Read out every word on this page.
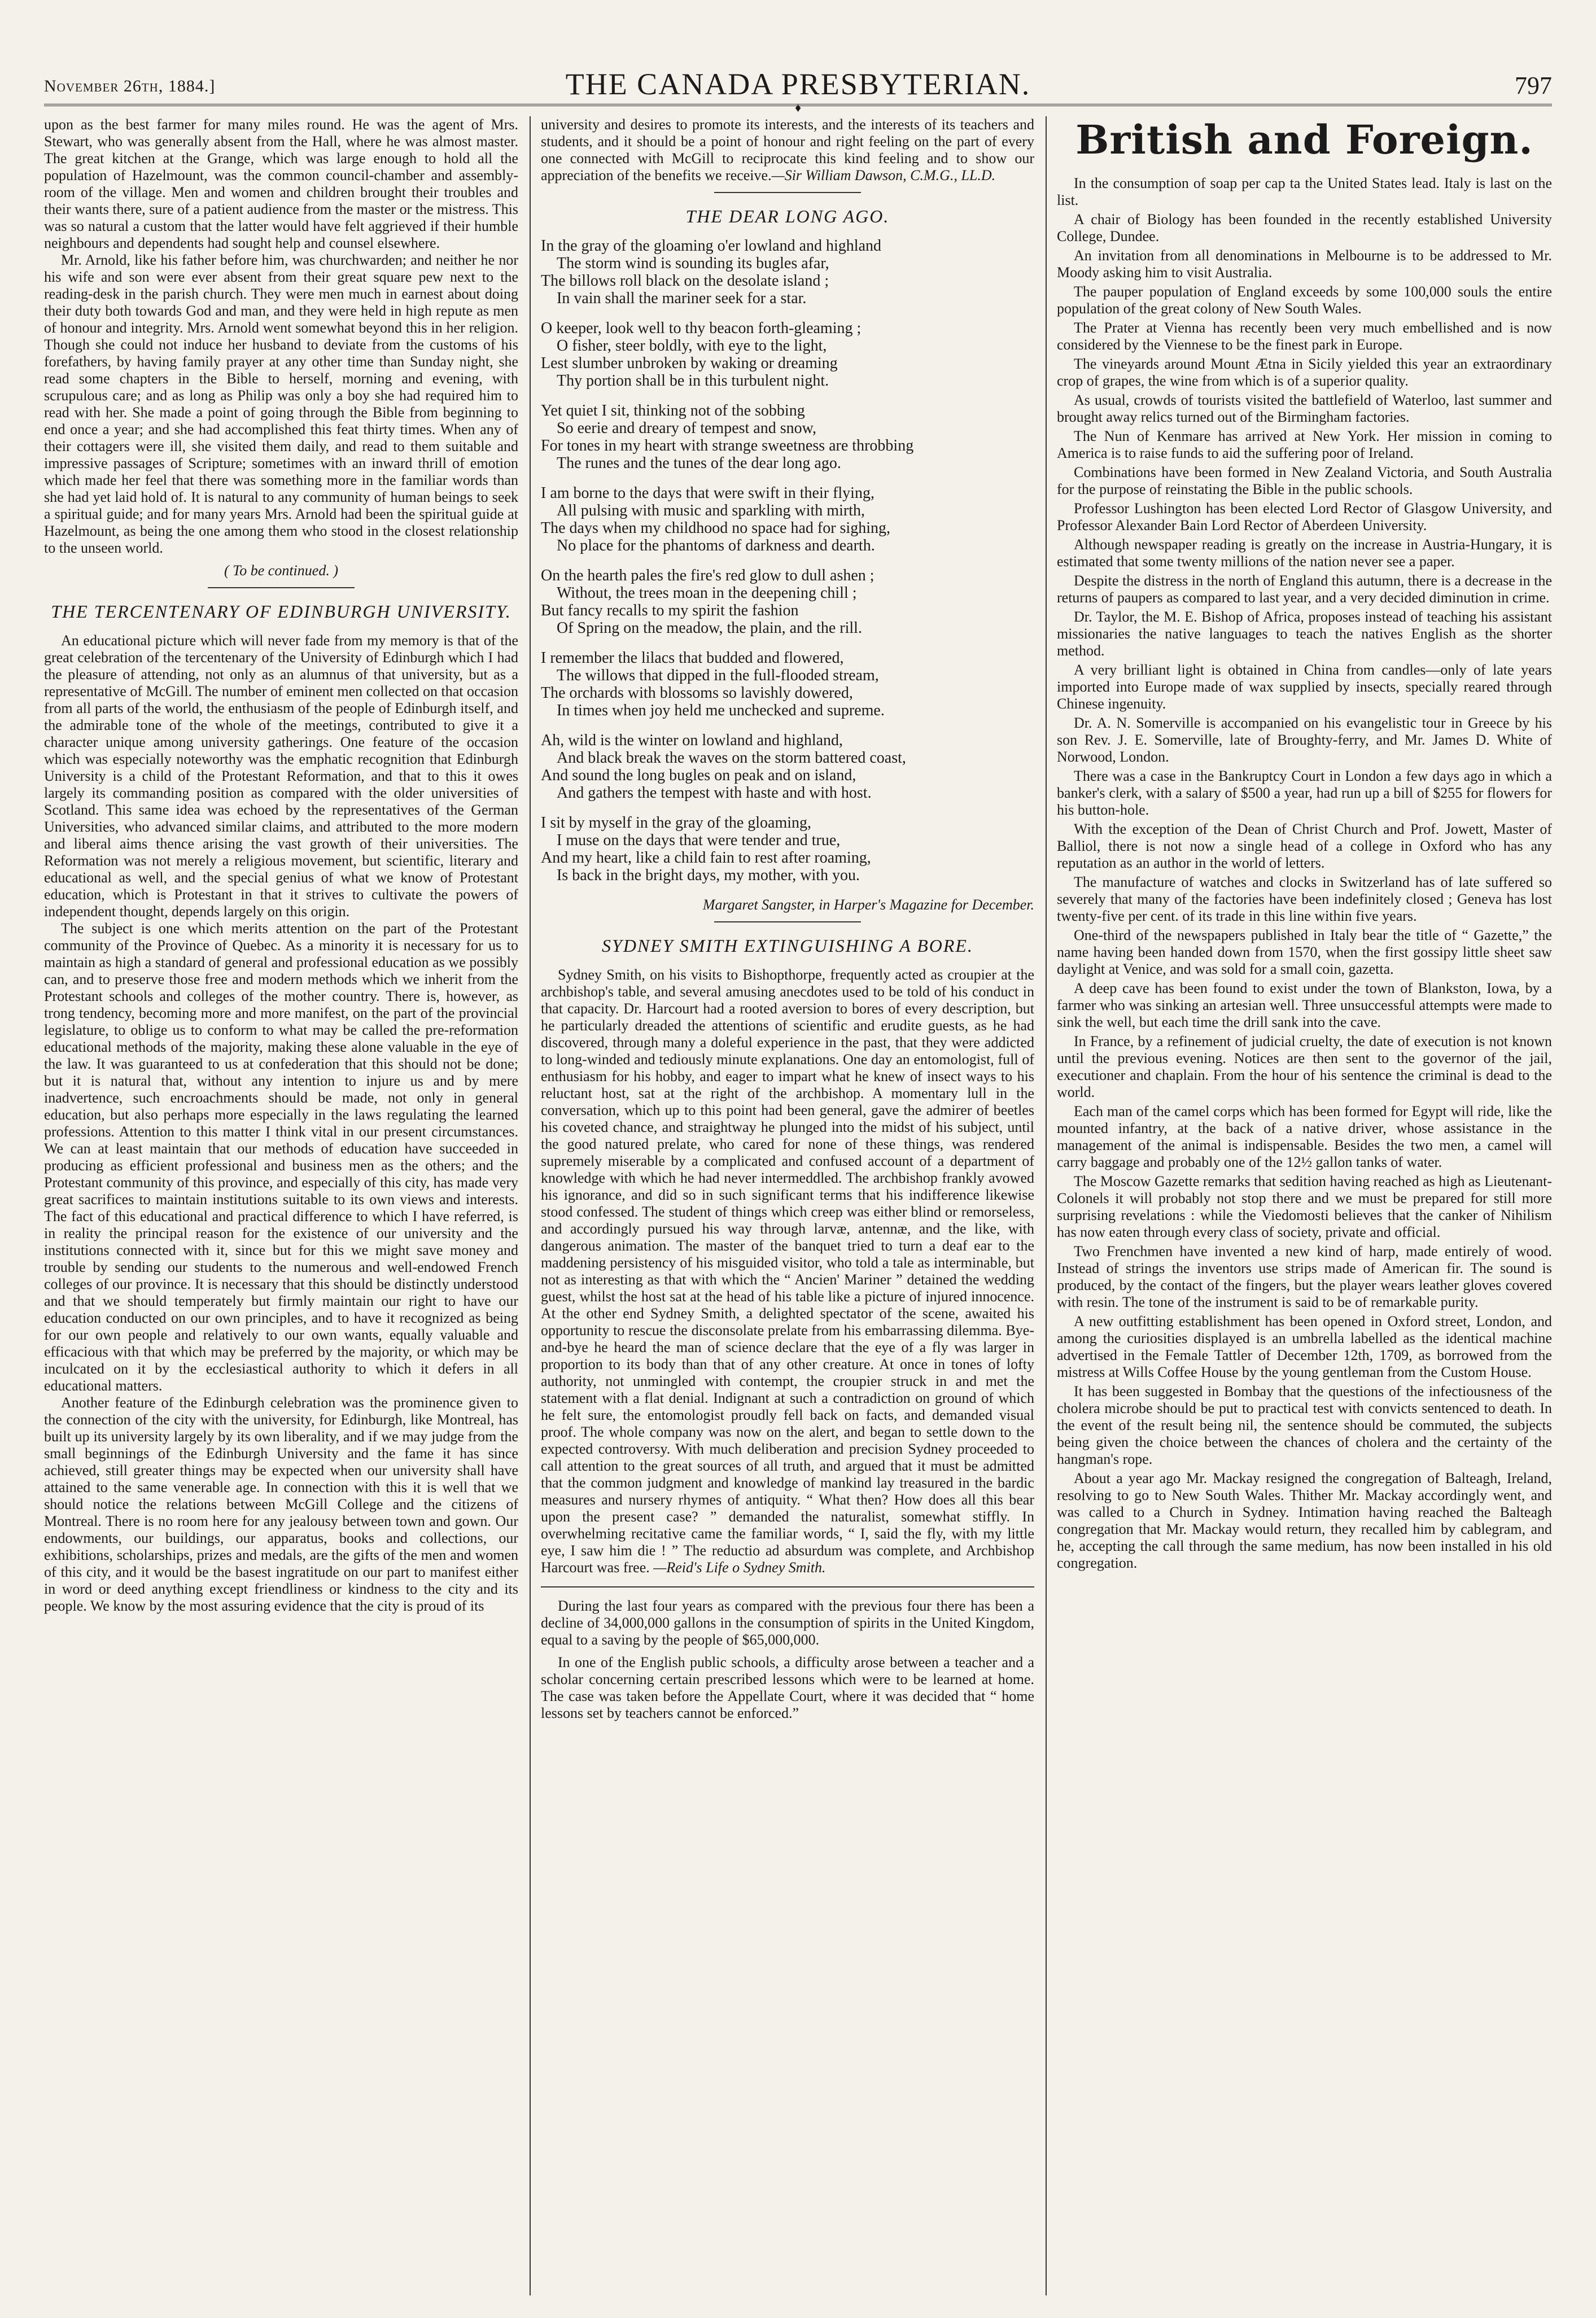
November 26th, 1884.]	THE CANADA PRESBYTERIAN.	797
♦

upon as the best farmer for many miles round. He was the agent of Mrs. Stewart, who was generally absent from the Hall, where he was almost master. The great kitchen at the Grange, which was large enough to hold all the population of Hazelmount, was the common council-chamber and assembly-room of the village. Men and women and children brought their troubles and their wants there, sure of a patient audience from the master or the mistress. This was so natural a custom that the latter would have felt aggrieved if their humble neighbours and dependents had sought help and counsel elsewhere.

Mr. Arnold, like his father before him, was churchwarden; and neither he nor his wife and son were ever absent from their great square pew next to the reading-desk in the parish church. They were men much in earnest about doing their duty both towards God and man, and they were held in high repute as men of honour and integrity. Mrs. Arnold went somewhat beyond this in her religion. Though she could not induce her husband to deviate from the customs of his forefathers, by having family prayer at any other time than Sunday night, she read some chapters in the Bible to herself, morning and evening, with scrupulous care; and as long as Philip was only a boy she had required him to read with her. She made a point of going through the Bible from beginning to end once a year; and she had accomplished this feat thirty times. When any of their cottagers were ill, she visited them daily, and read to them suitable and impressive passages of Scripture; sometimes with an inward thrill of emotion which made her feel that there was something more in the familiar words than she had yet laid hold of. It is natural to any community of human beings to seek a spiritual guide; and for many years Mrs. Arnold had been the spiritual guide at Hazelmount, as being the one among them who stood in the closest relationship to the unseen world.

( To be continued. )

THE TERCENTENARY OF EDINBURGH UNIVERSITY.

An educational picture which will never fade from my memory is that of the great celebration of the tercentenary of the University of Edinburgh which I had the pleasure of attending, not only as an alumnus of that university, but as a representative of McGill. The number of eminent men collected on that occasion from all parts of the world, the enthusiasm of the people of Edinburgh itself, and the admirable tone of the whole of the meetings, contributed to give it a character unique among university gatherings. One feature of the occasion which was especially noteworthy was the emphatic recognition that Edinburgh University is a child of the Protestant Reformation, and that to this it owes largely its commanding position as compared with the older universities of Scotland. This same idea was echoed by the representatives of the German Universities, who advanced similar claims, and attributed to the more modern and liberal aims thence arising the vast growth of their universities. The Reformation was not merely a religious movement, but scientific, literary and educational as well, and the special genius of what we know of Protestant education, which is Protestant in that it strives to cultivate the powers of independent thought, depends largely on this origin.

The subject is one which merits attention on the part of the Protestant community of the Province of Quebec. As a minority it is necessary for us to maintain as high a standard of general and professional education as we possibly can, and to preserve those free and modern methods which we inherit from the Protestant schools and colleges of the mother country. There is, however, as trong tendency, becoming more and more manifest, on the part of the provincial legislature, to oblige us to conform to what may be called the pre-reformation educational methods of the majority, making these alone valuable in the eye of the law. It was guaranteed to us at confederation that this should not be done; but it is natural that, without any intention to injure us and by mere inadvertence, such encroachments should be made, not only in general education, but also perhaps more especially in the laws regulating the learned professions. Attention to this matter I think vital in our present circumstances. We can at least maintain that our methods of education have succeeded in producing as efficient professional and business men as the others; and the Protestant community of this province, and especially of this city, has made very great sacrifices to maintain institutions suitable to its own views and interests. The fact of this educational and practical difference to which I have referred, is in reality the principal reason for the existence of our university and the institutions connected with it, since but for this we might save money and trouble by sending our students to the numerous and well-endowed French colleges of our province. It is necessary that this should be distinctly understood and that we should temperately but firmly maintain our right to have our education conducted on our own principles, and to have it recognized as being for our own people and relatively to our own wants, equally valuable and efficacious with that which may be preferred by the majority, or which may be inculcated on it by the ecclesiastical authority to which it defers in all educational matters.

Another feature of the Edinburgh celebration was the prominence given to the connection of the city with the university, for Edinburgh, like Montreal, has built up its university largely by its own liberality, and if we may judge from the small beginnings of the Edinburgh University and the fame it has since achieved, still greater things may be expected when our university shall have attained to the same venerable age. In connection with this it is well that we should notice the relations between McGill College and the citizens of Montreal. There is no room here for any jealousy between town and gown. Our endowments, our buildings, our apparatus, books and collections, our exhibitions, scholarships, prizes and medals, are the gifts of the men and women of this city, and it would be the basest ingratitude on our part to manifest either in word or deed anything except friendliness or kindness to the city and its people. We know by the most assuring evidence that the city is proud of its

university and desires to promote its interests, and the interests of its teachers and students, and it should be a point of honour and right feeling on the part of every one connected with McGill to reciprocate this kind feeling and to show our appreciation of the benefits we receive.—Sir William Dawson, C.M.G., LL.D.

THE DEAR LONG AGO.

In the gray of the gloaming o'er lowland and highland
The storm wind is sounding its bugles afar,
The billows roll black on the desolate island ;
In vain shall the mariner seek for a star.
O keeper, look well to thy beacon forth-gleaming ;
O fisher, steer boldly, with eye to the light,
Lest slumber unbroken by waking or dreaming
Thy portion shall be in this turbulent night.
Yet quiet I sit, thinking not of the sobbing
So eerie and dreary of tempest and snow,
For tones in my heart with strange sweetness are throbbing
The runes and the tunes of the dear long ago.
I am borne to the days that were swift in their flying,
All pulsing with music and sparkling with mirth,
The days when my childhood no space had for sighing,
No place for the phantoms of darkness and dearth.
On the hearth pales the fire's red glow to dull ashen ;
Without, the trees moan in the deepening chill ;
But fancy recalls to my spirit the fashion
Of Spring on the meadow, the plain, and the rill.
I remember the lilacs that budded and flowered,
The willows that dipped in the full-flooded stream,
The orchards with blossoms so lavishly dowered,
In times when joy held me unchecked and supreme.
Ah, wild is the winter on lowland and highland,
And black break the waves on the storm battered coast,
And sound the long bugles on peak and on island,
And gathers the tempest with haste and with host.
I sit by myself in the gray of the gloaming,
I muse on the days that were tender and true,
And my heart, like a child fain to rest after roaming,
Is back in the bright days, my mother, with you.

Margaret Sangster, in Harper's Magazine for December.

SYDNEY SMITH EXTINGUISHING A BORE.

Sydney Smith, on his visits to Bishopthorpe, frequently acted as croupier at the archbishop's table, and several amusing anecdotes used to be told of his conduct in that capacity. Dr. Harcourt had a rooted aversion to bores of every description, but he particularly dreaded the attentions of scientific and erudite guests, as he had discovered, through many a doleful experience in the past, that they were addicted to long-winded and tediously minute explanations. One day an entomologist, full of enthusiasm for his hobby, and eager to impart what he knew of insect ways to his reluctant host, sat at the right of the archbishop. A momentary lull in the conversation, which up to this point had been general, gave the admirer of beetles his coveted chance, and straightway he plunged into the midst of his subject, until the good natured prelate, who cared for none of these things, was rendered supremely miserable by a complicated and confused account of a department of knowledge with which he had never intermeddled. The archbishop frankly avowed his ignorance, and did so in such significant terms that his indifference likewise stood confessed. The student of things which creep was either blind or remorseless, and accordingly pursued his way through larvæ, antennæ, and the like, with dangerous animation. The master of the banquet tried to turn a deaf ear to the maddening persistency of his misguided visitor, who told a tale as interminable, but not as interesting as that with which the “ Ancien' Mariner ” detained the wedding guest, whilst the host sat at the head of his table like a picture of injured innocence. At the other end Sydney Smith, a delighted spectator of the scene, awaited his opportunity to rescue the disconsolate prelate from his embarrassing dilemma. Bye-and-bye he heard the man of science declare that the eye of a fly was larger in proportion to its body than that of any other creature. At once in tones of lofty authority, not unmingled with contempt, the croupier struck in and met the statement with a flat denial. Indignant at such a contradiction on ground of which he felt sure, the entomologist proudly fell back on facts, and demanded visual proof. The whole company was now on the alert, and began to settle down to the expected controversy. With much deliberation and precision Sydney proceeded to call attention to the great sources of all truth, and argued that it must be admitted that the common judgment and knowledge of mankind lay treasured in the bardic measures and nursery rhymes of antiquity. “ What then? How does all this bear upon the present case? ” demanded the naturalist, somewhat stiffly. In overwhelming recitative came the familiar words, “ I, said the fly, with my little eye, I saw him die ! ” The reductio ad absurdum was complete, and Archbishop Harcourt was free. —Reid's Life o Sydney Smith.

During the last four years as compared with the previous four there has been a decline of 34,000,000 gallons in the consumption of spirits in the United Kingdom, equal to a saving by the people of $65,000,000.

In one of the English public schools, a difficulty arose between a teacher and a scholar concerning certain prescribed lessons which were to be learned at home. The case was taken before the Appellate Court, where it was decided that “ home lessons set by teachers cannot be enforced.”

British and Foreign.

In the consumption of soap per cap ta the United States lead. Italy is last on the list.

A chair of Biology has been founded in the recently established University College, Dundee.

An invitation from all denominations in Melbourne is to be addressed to Mr. Moody asking him to visit Australia.

The pauper population of England exceeds by some 100,000 souls the entire population of the great colony of New South Wales.

The Prater at Vienna has recently been very much embellished and is now considered by the Viennese to be the finest park in Europe.

The vineyards around Mount Ætna in Sicily yielded this year an extraordinary crop of grapes, the wine from which is of a superior quality.

As usual, crowds of tourists visited the battlefield of Waterloo, last summer and brought away relics turned out of the Birmingham factories.

The Nun of Kenmare has arrived at New York. Her mission in coming to America is to raise funds to aid the suffering poor of Ireland.

Combinations have been formed in New Zealand Victoria, and South Australia for the purpose of reinstating the Bible in the public schools.

Professor Lushington has been elected Lord Rector of Glasgow University, and Professor Alexander Bain Lord Rector of Aberdeen University.

Although newspaper reading is greatly on the increase in Austria-Hungary, it is estimated that some twenty millions of the nation never see a paper.

Despite the distress in the north of England this autumn, there is a decrease in the returns of paupers as compared to last year, and a very decided diminution in crime.

Dr. Taylor, the M. E. Bishop of Africa, proposes instead of teaching his assistant missionaries the native languages to teach the natives English as the shorter method.

A very brilliant light is obtained in China from candles—only of late years imported into Europe made of wax supplied by insects, specially reared through Chinese ingenuity.

Dr. A. N. Somerville is accompanied on his evangelistic tour in Greece by his son Rev. J. E. Somerville, late of Broughty-ferry, and Mr. James D. White of Norwood, London.

There was a case in the Bankruptcy Court in London a few days ago in which a banker's clerk, with a salary of $500 a year, had run up a bill of $255 for flowers for his button-hole.

With the exception of the Dean of Christ Church and Prof. Jowett, Master of Balliol, there is not now a single head of a college in Oxford who has any reputation as an author in the world of letters.

The manufacture of watches and clocks in Switzerland has of late suffered so severely that many of the factories have been indefinitely closed ; Geneva has lost twenty-five per cent. of its trade in this line within five years.

One-third of the newspapers published in Italy bear the title of “ Gazette,” the name having been handed down from 1570, when the first gossipy little sheet saw daylight at Venice, and was sold for a small coin, gazetta.

A deep cave has been found to exist under the town of Blankston, Iowa, by a farmer who was sinking an artesian well. Three unsuccessful attempts were made to sink the well, but each time the drill sank into the cave.

In France, by a refinement of judicial cruelty, the date of execution is not known until the previous evening. Notices are then sent to the governor of the jail, executioner and chaplain. From the hour of his sentence the criminal is dead to the world.

Each man of the camel corps which has been formed for Egypt will ride, like the mounted infantry, at the back of a native driver, whose assistance in the management of the animal is indispensable. Besides the two men, a camel will carry baggage and probably one of the 12½ gallon tanks of water.

The Moscow Gazette remarks that sedition having reached as high as Lieutenant-Colonels it will probably not stop there and we must be prepared for still more surprising revelations : while the Viedomosti believes that the canker of Nihilism has now eaten through every class of society, private and official.

Two Frenchmen have invented a new kind of harp, made entirely of wood. Instead of strings the inventors use strips made of American fir. The sound is produced, by the contact of the fingers, but the player wears leather gloves covered with resin. The tone of the instrument is said to be of remarkable purity.

A new outfitting establishment has been opened in Oxford street, London, and among the curiosities displayed is an umbrella labelled as the identical machine advertised in the Female Tattler of December 12th, 1709, as borrowed from the mistress at Wills Coffee House by the young gentleman from the Custom House.

It has been suggested in Bombay that the questions of the infectiousness of the cholera microbe should be put to practical test with convicts sentenced to death. In the event of the result being nil, the sentence should be commuted, the subjects being given the choice between the chances of cholera and the certainty of the hangman's rope.

About a year ago Mr. Mackay resigned the congregation of Balteagh, Ireland, resolving to go to New South Wales. Thither Mr. Mackay accordingly went, and was called to a Church in Sydney. Intimation having reached the Balteagh congregation that Mr. Mackay would return, they recalled him by cablegram, and he, accepting the call through the same medium, has now been installed in his old congregation.
